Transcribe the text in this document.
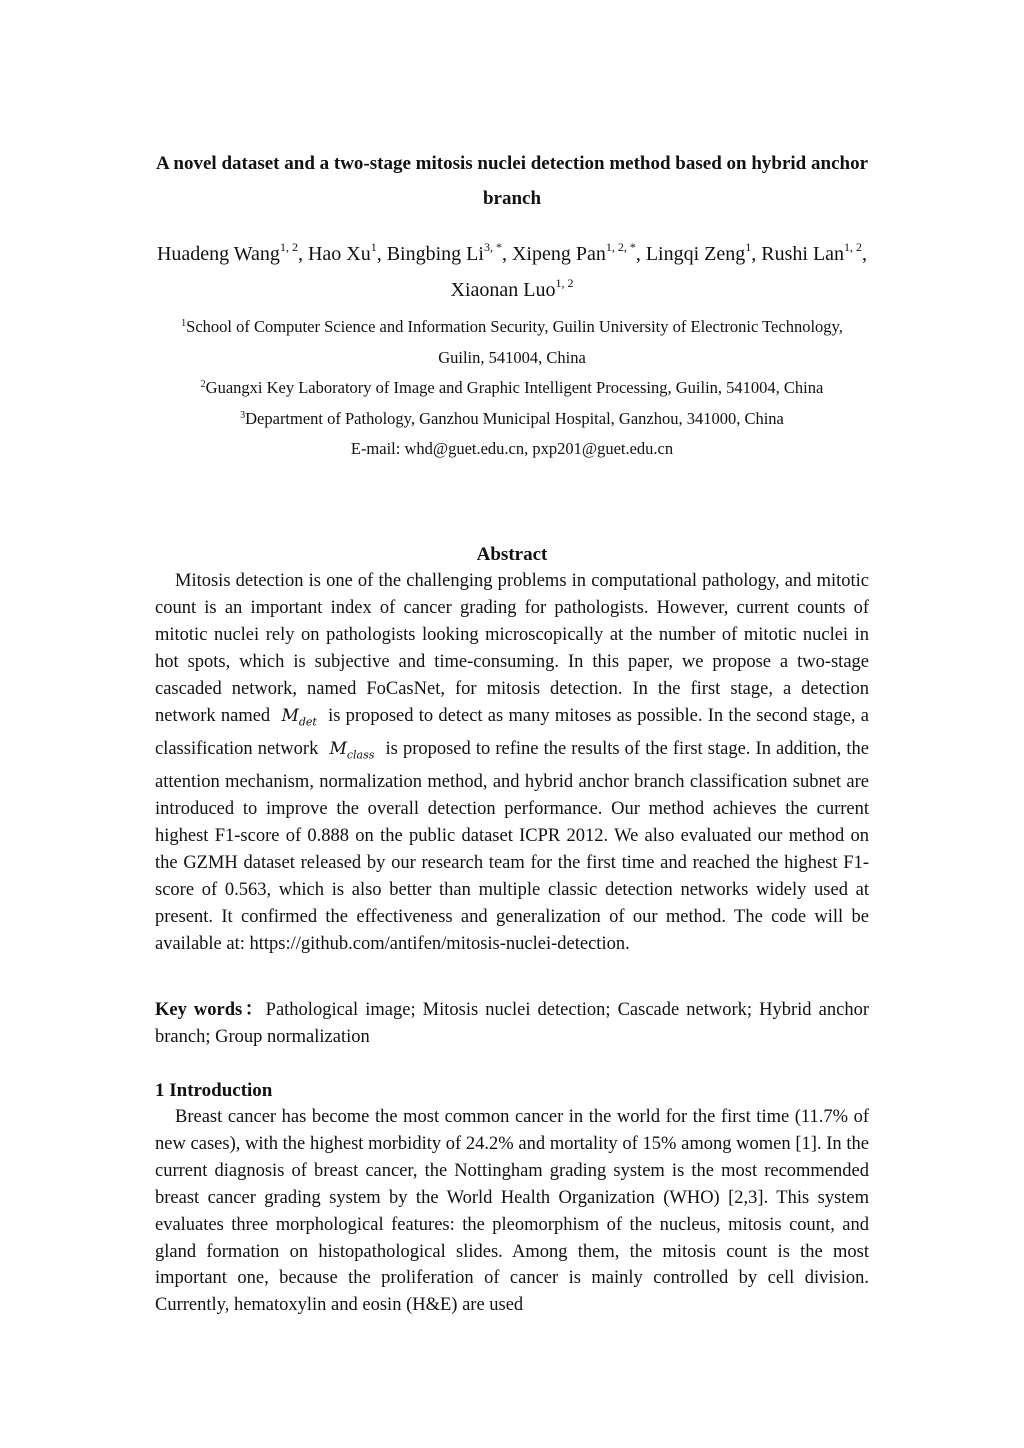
A novel dataset and a two-stage mitosis nuclei detection method based on hybrid anchor branch

Huadeng Wang$^{1, 2}$, Hao Xu$^1$, Bingbing $Li^{3, *}$, Xipeng Pan$^{1, 2, *}$, Lingqi Zeng$^1$, Rushi Lan$^{1, 2}$, Xiaonan Luo$^{1, 2}$

$^1$School of Computer Science and Information Security, Guilin University of Electronic Technology, Guilin, 541004, China

$^2$Guangxi Key Laboratory of Image and Graphic Intelligent Processing, Guilin, 541004, China

$^3$Department of Pathology, Ganzhou Municipal Hospital, Ganzhou, 341000, China

E-mail: whd@guet.edu.cn, pxp201@guet.edu.cn

Abstract

Mitosis detection is one of the challenging problems in computational pathology, and mitotic count is an important index of cancer grading for pathologists. However, current counts of mitotic nuclei rely on pathologists looking microscopically at the number of mitotic nuclei in hot spots, which is subjective and time-consuming. In this paper, we propose a two-stage cascaded network, named FoCasNet, for mitosis detection. In the first stage, a detection network named $M_{det}$ is proposed to detect as many mitoses as possible. In the second stage, a classification network $M_{class}$ is proposed to refine the results of the first stage. In addition, the attention mechanism, normalization method, and hybrid anchor branch classification subnet are introduced to improve the overall detection performance. Our method achieves the current highest F1-score of 0.888 on the public dataset ICPR 2012. We also evaluated our method on the GZMH dataset released by our research team for the first time and reached the highest F1-score of 0.563, which is also better than multiple classic detection networks widely used at present. It confirmed the effectiveness and generalization of our method. The code will be available at: https://github.com/antifen/mitosis-nuclei-detection.

Key words：Pathological image; Mitosis nuclei detection; Cascade network; Hybrid anchor branch; Group normalization

1 Introduction

Breast cancer has become the most common cancer in the world for the first time (11.7% of new cases), with the highest morbidity of 24.2% and mortality of 15% among women [1]. In the current diagnosis of breast cancer, the Nottingham grading system is the most recommended breast cancer grading system by the World Health Organization (WHO) [2,3]. This system evaluates three morphological features: the pleomorphism of the nucleus, mitosis count, and gland formation on histopathological slides. Among them, the mitosis count is the most important one, because the proliferation of cancer is mainly controlled by cell division. Currently, hematoxylin and eosin (H&E) are used
